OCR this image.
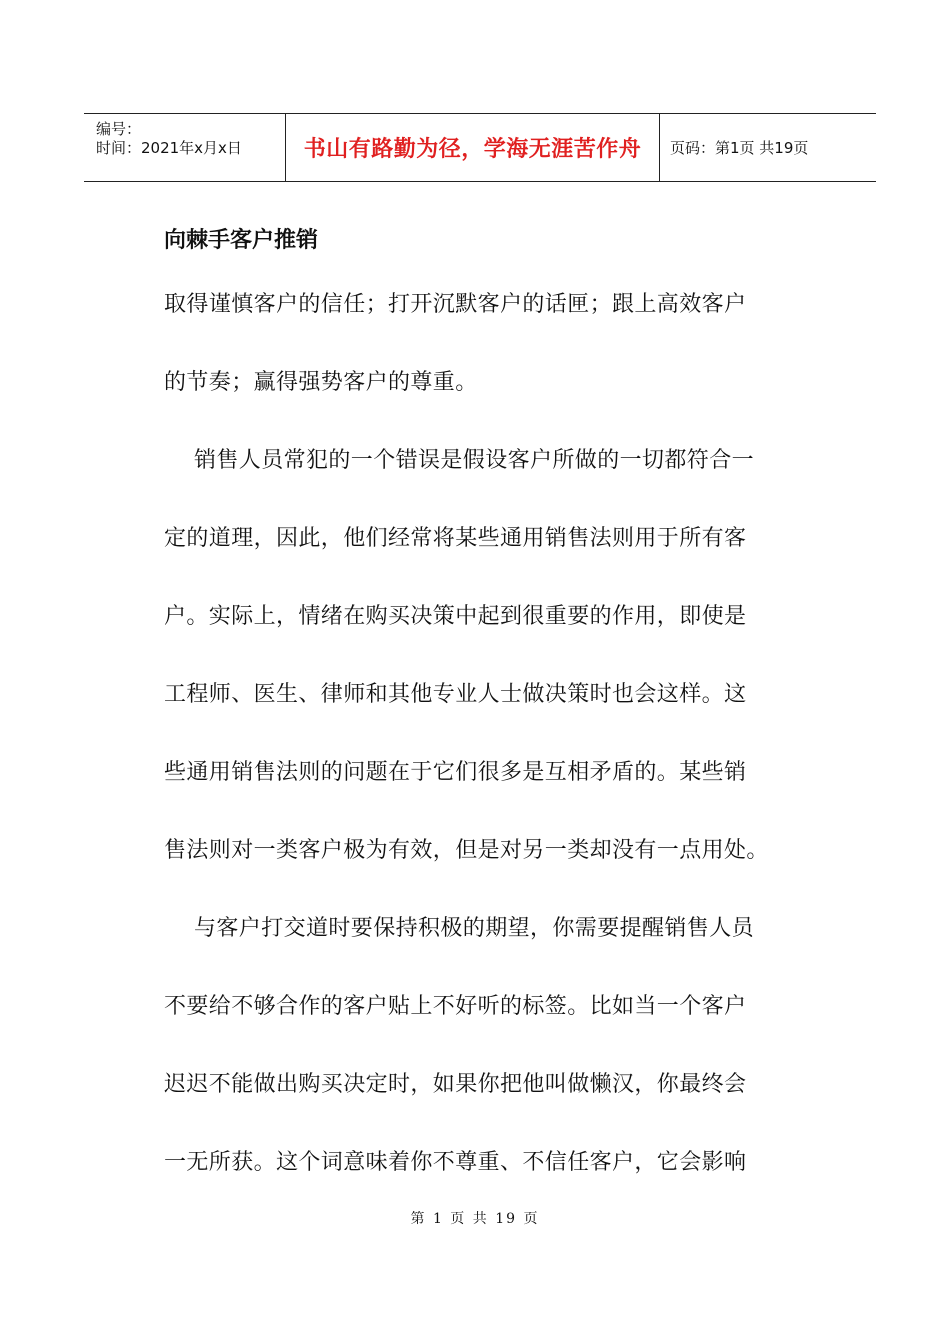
编号：
时间：2021年x月x日	书山有路勤为径，学海无涯苦作舟 页码：第1页 共19页
向棘手客户推销

取得谨慎客户的信任；打开沉默客户的话匣；跟上高效客户
的节奏；赢得强势客户的尊重。

销售人员常犯的一个错误是假设客户所做的一切都符合一
定的道理，因此，他们经常将某些通用销售法则用于所有客
户。实际上，情绪在购买决策中起到很重要的作用，即使是
工程师、医生、律师和其他专业人士做决策时也会这样。这
些通用销售法则的问题在于它们很多是互相矛盾的。某些销
售法则对一类客户极为有效，但是对另一类却没有一点用处。

与客户打交道时要保持积极的期望，你需要提醒销售人员
不要给不够合作的客户贴上不好听的标签。比如当一个客户
迟迟不能做出购买决定时，如果你把他叫做懒汉，你最终会
一无所获。这个词意味着你不尊重、不信任客户，它会影响

第 1 页 共 19 页
